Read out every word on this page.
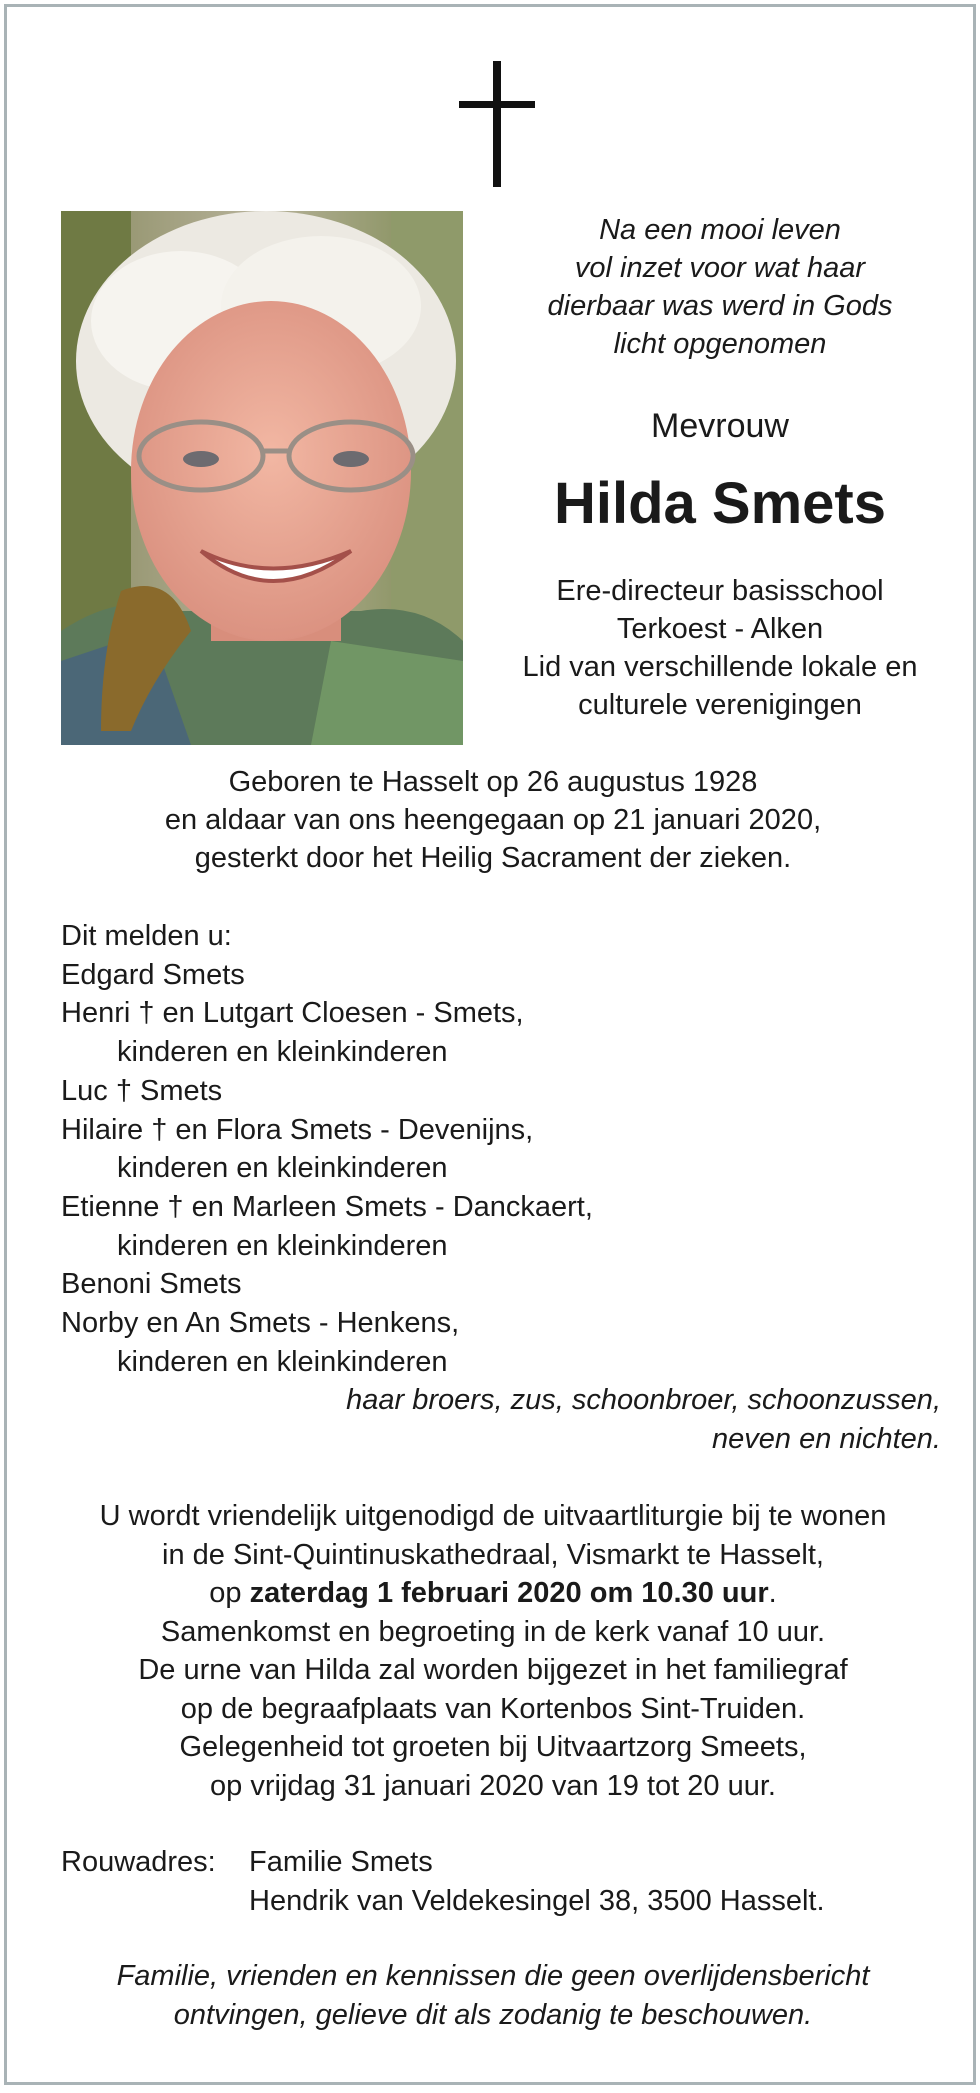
Na een mooi leven
vol inzet voor wat haar
dierbaar was werd in Gods
licht opgenomen
Mevrouw
Hilda Smets
Ere-directeur basisschool
Terkoest - Alken
Lid van verschillende lokale en
culturele verenigingen
Geboren te Hasselt op 26 augustus 1928
en aldaar van ons heengegaan op 21 januari 2020,
gesterkt door het Heilig Sacrament der zieken.
Dit melden u:
Edgard Smets
Henri † en Lutgart Cloesen - Smets,
kinderen en kleinkinderen
Luc † Smets
Hilaire † en Flora Smets - Devenijns,
kinderen en kleinkinderen
Etienne † en Marleen Smets - Danckaert,
kinderen en kleinkinderen
Benoni Smets
Norby en An Smets - Henkens,
kinderen en kleinkinderen
haar broers, zus, schoonbroer, schoonzussen,
neven en nichten.
U wordt vriendelijk uitgenodigd de uitvaartliturgie bij te wonen
in de Sint-Quintinuskathedraal, Vismarkt te Hasselt,
op zaterdag 1 februari 2020 om 10.30 uur.
Samenkomst en begroeting in de kerk vanaf 10 uur.
De urne van Hilda zal worden bijgezet in het familiegraf
op de begraafplaats van Kortenbos Sint-Truiden.
Gelegenheid tot groeten bij Uitvaartzorg Smeets,
op vrijdag 31 januari 2020 van 19 tot 20 uur.
Rouwadres:	Familie Smets
Hendrik van Veldekesingel 38, 3500 Hasselt.
Familie, vrienden en kennissen die geen overlijdensbericht
ontvingen, gelieve dit als zodanig te beschouwen.
